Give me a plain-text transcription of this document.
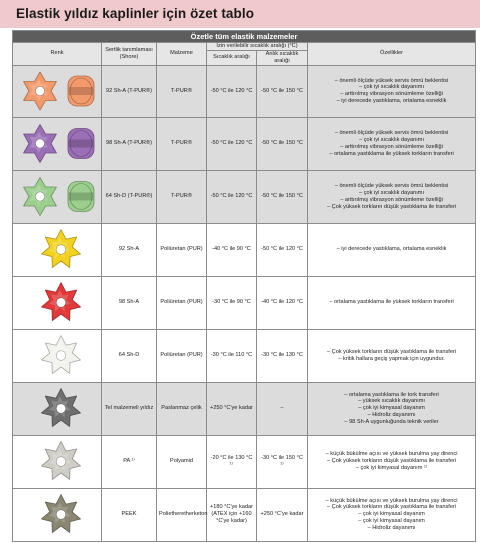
Elastik yıldız kaplinler için özet tablo
Özetle tüm elastik malzemeler					
Renk	Sertlik tanımlaması (Shore)	Malzeme	İzin verilebilir sıcaklık aralığı (°C)		Özellikler
			Sıcaklık aralığı	Anlık sıcaklık aralığı	

	92 Sh-A (T-PUR®)	T-PUR®	-50 °C ile 120 °C	-50 °C ile 150 °C	– önemli ölçüde yüksek servis ömrü beklentisi
– çok iyi sıcaklık dayanımı
– arttırılmış vibrasyon sönümleme özelliği
– iyi derecede yastıklama, ortalama esneklik

	98 Sh-A (T-PUR®)	T-PUR®	-50 °C ile 120 °C	-50 °C ile 150 °C	– önemli ölçüde yüksek servis ömrü beklentisi
– çok iyi sıcaklık dayanımı
– arttırılmış vibrasyon sönümleme özelliği
– ortalama yastıklama ile yüksek torkların transferi

	64 Sh-D (T-PUR®)	T-PUR®	-50 °C ile 120 °C	-50 °C ile 150 °C	– önemli ölçüde yüksek servis ömrü beklentisi
– çok iyi sıcaklık dayanımı
– arttırılmış vibrasyon sönümleme özelliği
– Çok yüksek torkların düşük yastıklama ile transferi

	92 Sh-A	Poliüretan (PUR)	-40 °C ile 90 °C	-50 °C ile 120 °C	– iyi derecede yastıklama, ortalama esneklik

	98 Sh-A	Poliüretan (PUR)	-30 °C ile 90 °C	-40 °C ile 120 °C	– ortalama yastıklama ile yüksek torkların transferi

	64 Sh-D	Poliüretan (PUR)	-30 °C ile 110 °C	-30 °C ile 130 °C	– Çok yüksek torkların düşük yastıklama ile transferi
– kritik hallara geçiş yapmak için uygundur.

	Tel malzemeli yıldız	Paslanmaz çelik	+250 °C'ye kadar	–	– ortalama yastıklama ile tork transferi
– yüksek sıcaklık dayanımı
– çok iyi kimyasal dayanım
– Hidroliz dayanımı
– 98 Sh-A uygunluğunda teknik veriler

	PA ¹⁾	Polyamid	-20 °C ile 130 °C ¹⁾	-30 °C ile 150 °C ¹⁾	– küçük bükülme açısı ve yüksek burulma yay direnci
– Çok yüksek torkların düşük yastıklama ile transferi
– çok iyi kimyasal dayanım ¹⁾

	PEEK	Polietheretherketon	+180 °C'ye kadar (ATEX için +160 °C'ye kadar)	+250 °C'ye kadar	– küçük bükülme açısı ve yüksek burulma yay direnci
– Çok yüksek torkların düşük yastıklama ile transferi
– çok iyi kimyasal dayanım
– çok iyi kimyasal dayanım
– Hidroliz dayanımı
